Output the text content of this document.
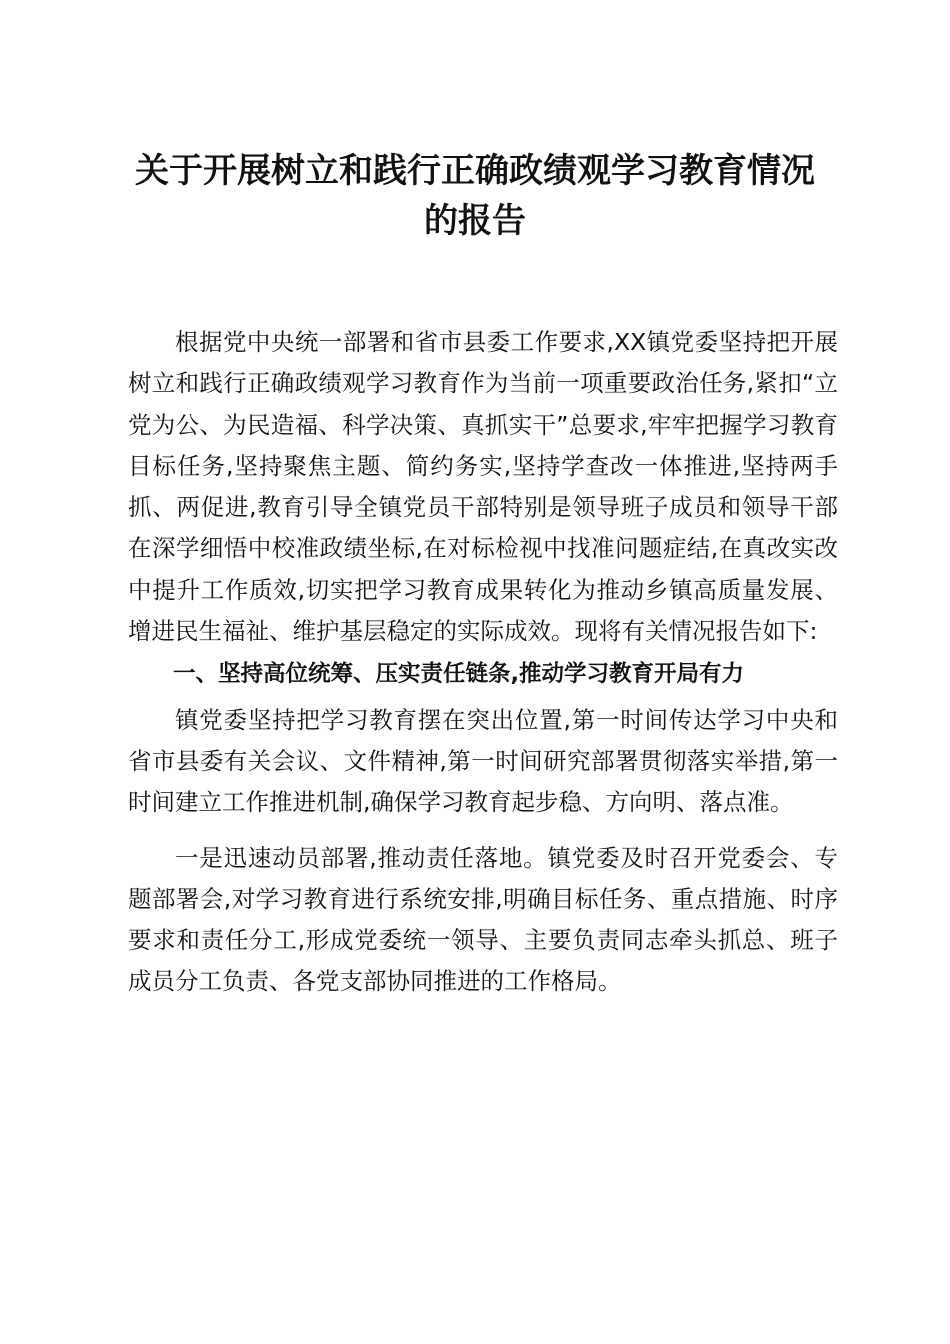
关于开展树立和践行正确政绩观学习教育情况
的报告

根据党中央统一部署和省市县委工作要求,XX镇党委坚持把开展树立和践行正确政绩观学习教育作为当前一项重要政治任务,紧扣“立党为公、为民造福、科学决策、真抓实干”总要求,牢牢把握学习教育目标任务,坚持聚焦主题、简约务实,坚持学查改一体推进,坚持两手抓、两促进,教育引导全镇党员干部特别是领导班子成员和领导干部在深学细悟中校准政绩坐标,在对标检视中找准问题症结,在真改实改中提升工作质效,切实把学习教育成果转化为推动乡镇高质量发展、增进民生福祉、维护基层稳定的实际成效。现将有关情况报告如下:

一、坚持高位统筹、压实责任链条,推动学习教育开局有力

镇党委坚持把学习教育摆在突出位置,第一时间传达学习中央和省市县委有关会议、文件精神,第一时间研究部署贯彻落实举措,第一时间建立工作推进机制,确保学习教育起步稳、方向明、落点准。

一是迅速动员部署,推动责任落地。镇党委及时召开党委会、专题部署会,对学习教育进行系统安排,明确目标任务、重点措施、时序要求和责任分工,形成党委统一领导、主要负责同志牵头抓总、班子成员分工负责、各党支部协同推进的工作格局。
